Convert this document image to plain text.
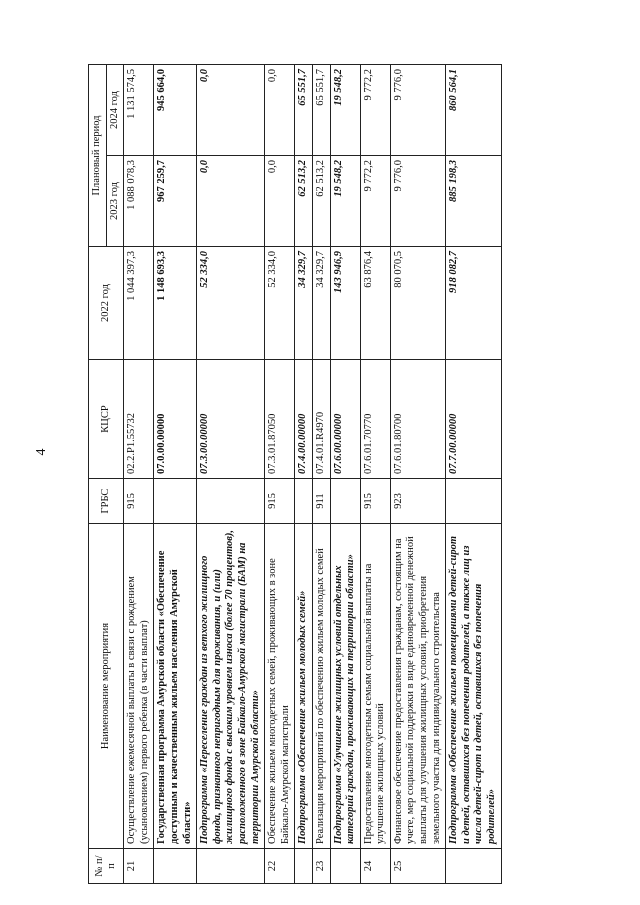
4
№ п/п	Наименование мероприятия	ГРБС	КЦСР	2022 год	Плановый период	
					2023 год	2024 год
21	Осуществление ежемесячной выплаты в связи с рождением (усыновлением) первого ребенка (в части выплат)	915	02.2.P1.55732	1 044 397,3	1 088 078,3	1 131 574,5
	Государственная программа Амурской области «Обеспечение доступным и качественным жильем населения Амурской области»		07.0.00.00000	1 148 693,3	967 259,7	945 664,0
	Подпрограмма «Переселение граждан из ветхого жилищного фонда, признанного непригодным для проживания, и (или) жилищного фонда с высоким уровнем износа (более 70 процентов), расположенного в зоне Байкало-Амурской магистрали (БАМ) на территории Амурской области»		07.3.00.00000	52 334,0	0,0	0,0
22	Обеспечение жильем многодетных семей, проживающих в зоне Байкало-Амурской магистрали	915	07.3.01.87050	52 334,0	0,0	0,0
	Подпрограмма «Обеспечение жильем молодых семей»		07.4.00.00000	34 329,7	62 513,2	65 551,7
23	Реализация мероприятий по обеспечению жильем молодых семей	911	07.4.01.R4970	34 329,7	62 513,2	65 551,7
	Подпрограмма «Улучшение жилищных условий отдельных категорий граждан, проживающих на территории области»		07.6.00.00000	143 946,9	19 548,2	19 548,2
24	Предоставление многодетным семьям социальной выплаты на улучшение жилищных условий	915	07.6.01.70770	63 876,4	9 772,2	9 772,2
25	Финансовое обеспечение предоставления гражданам, состоящим на учете, мер социальной поддержки в виде единовременной денежной выплаты для улучшения жилищных условий, приобретения земельного участка для индивидуального строительства	923	07.6.01.80700	80 070,5	9 776,0	9 776,0
	Подпрограмма «Обеспечение жильем помещениями детей-сирот и детей, оставшихся без попечения родителей, а также лиц из числа детей-сирот и детей, оставшихся без попечения родителей»		07.7.00.00000	918 082,7	885 198,3	860 564,1
